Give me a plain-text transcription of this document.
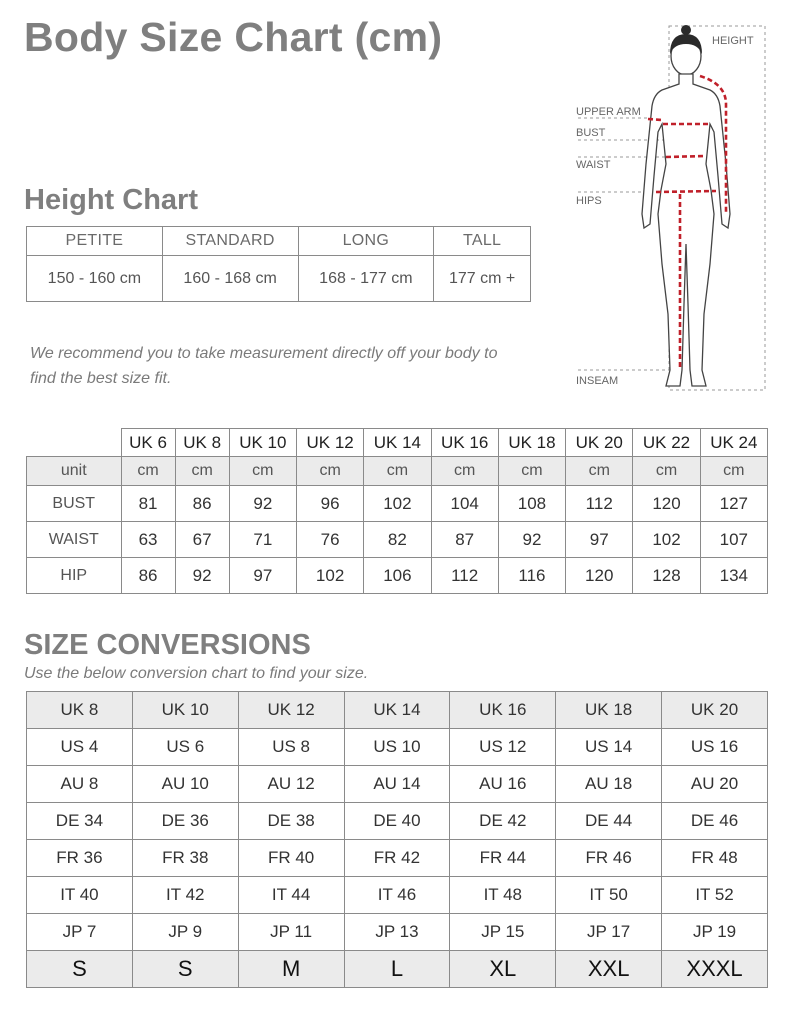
Body Size Chart (cm)
Height Chart
PETITE	STANDARD	LONG	TALL
150 - 160 cm	160 - 168 cm	168 - 177 cm	177 cm +
We recommend you to take measurement directly off your body to
find the best size fit.
HEIGHT
UPPER ARM
BUST
WAIST
HIPS
INSEAM
	UK 6	UK 8	UK 10	UK 12	UK 14	UK 16	UK 18	UK 20	UK 22	UK 24
unit	cm	cm	cm	cm	cm	cm	cm	cm	cm	cm
BUST	81	86	92	96	102	104	108	112	120	127
WAIST	63	67	71	76	82	87	92	97	102	107
HIP	86	92	97	102	106	112	116	120	128	134
SIZE CONVERSIONS
Use the below conversion chart to find your size.
UK 8	UK 10	UK 12	UK 14	UK 16	UK 18	UK 20
US 4	US 6	US 8	US 10	US 12	US 14	US 16
AU 8	AU 10	AU 12	AU 14	AU 16	AU 18	AU 20
DE 34	DE 36	DE 38	DE 40	DE 42	DE 44	DE 46
FR 36	FR 38	FR 40	FR 42	FR 44	FR 46	FR 48
IT 40	IT 42	IT 44	IT 46	IT 48	IT 50	IT 52
JP 7	JP 9	JP 11	JP 13	JP 15	JP 17	JP 19
S	S	M	L	XL	XXL	XXXL
